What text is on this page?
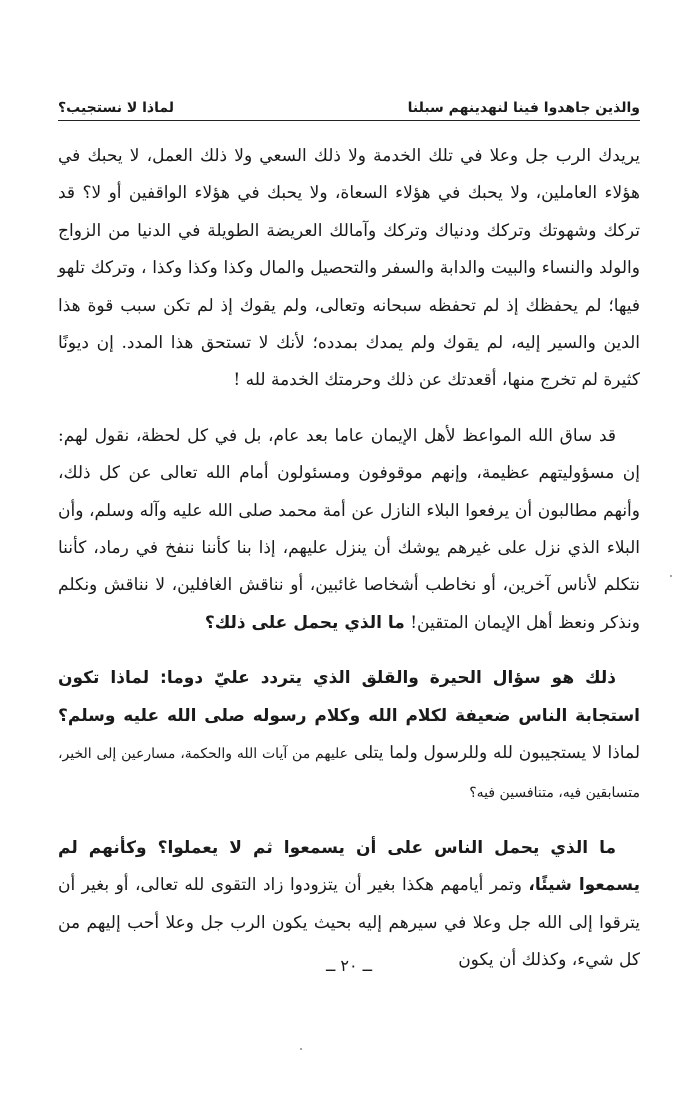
والذين جاهدوا فينا لنهدينهم سبلنا
لماذا لا نستجيب؟

يريدك الرب جل وعلا في تلك الخدمة ولا ذلك السعي ولا ذلك العمل، لا يحبك في هؤلاء العاملين، ولا يحبك في هؤلاء السعاة، ولا يحبك في هؤلاء الواقفين أو لا؟ قد تركك وشهوتك وتركك ودنياك وتركك وآمالك العريضة الطويلة في الدنيا من الزواج والولد والنساء والبيت والدابة والسفر والتحصيل والمال وكذا وكذا وكذا ، وتركك تلهو فيها؛ لم يحفظك إذ لم تحفظه سبحانه وتعالى، ولم يقوك إذ لم تكن سبب قوة هذا الدين والسير إليه، لم يقوك ولم يمدك بمدده؛ لأنك لا تستحق هذا المدد. إن ديونًا كثيرة لم تخرج منها، أقعدتك عن ذلك وحرمتك الخدمة لله !

قد ساق الله المواعظ لأهل الإيمان عاما بعد عام، بل في كل لحظة، نقول لهم: إن مسؤوليتهم عظيمة، وإنهم موقوفون ومسئولون أمام الله تعالى عن كل ذلك، وأنهم مطالبون أن يرفعوا البلاء النازل عن أمة محمد صلى الله عليه وآله وسلم، وأن البلاء الذي نزل على غيرهم يوشك أن ينزل عليهم، إذا بنا كأننا ننفخ في رماد، كأننا نتكلم لأناس آخرين، أو نخاطب أشخاصا غائبين، أو نناقش الغافلين، لا نناقش ونكلم ونذكر ونعظ أهل الإيمان المتقين! ما الذي يحمل على ذلك؟

ذلك هو سؤال الحيرة والقلق الذي يتردد عليّ دوما: لماذا تكون استجابة الناس ضعيفة لكلام الله وكلام رسوله صلى الله عليه وسلم؟ لماذا لا يستجيبون لله وللرسول ولما يتلى عليهم من آيات الله والحكمة، مسارعين إلى الخير، متسابقين فيه، متنافسين فيه؟

ما الذي يحمل الناس على أن يسمعوا ثم لا يعملوا؟ وكأنهم لم يسمعوا شيئًا، وتمر أيامهم هكذا بغير أن يتزودوا زاد التقوى لله تعالى، أو بغير أن يترقوا إلى الله جل وعلا في سيرهم إليه بحيث يكون الرب جل وعلا أحب إليهم من كل شيء، وكذلك أن يكون

ــ ٢٠ ــ
